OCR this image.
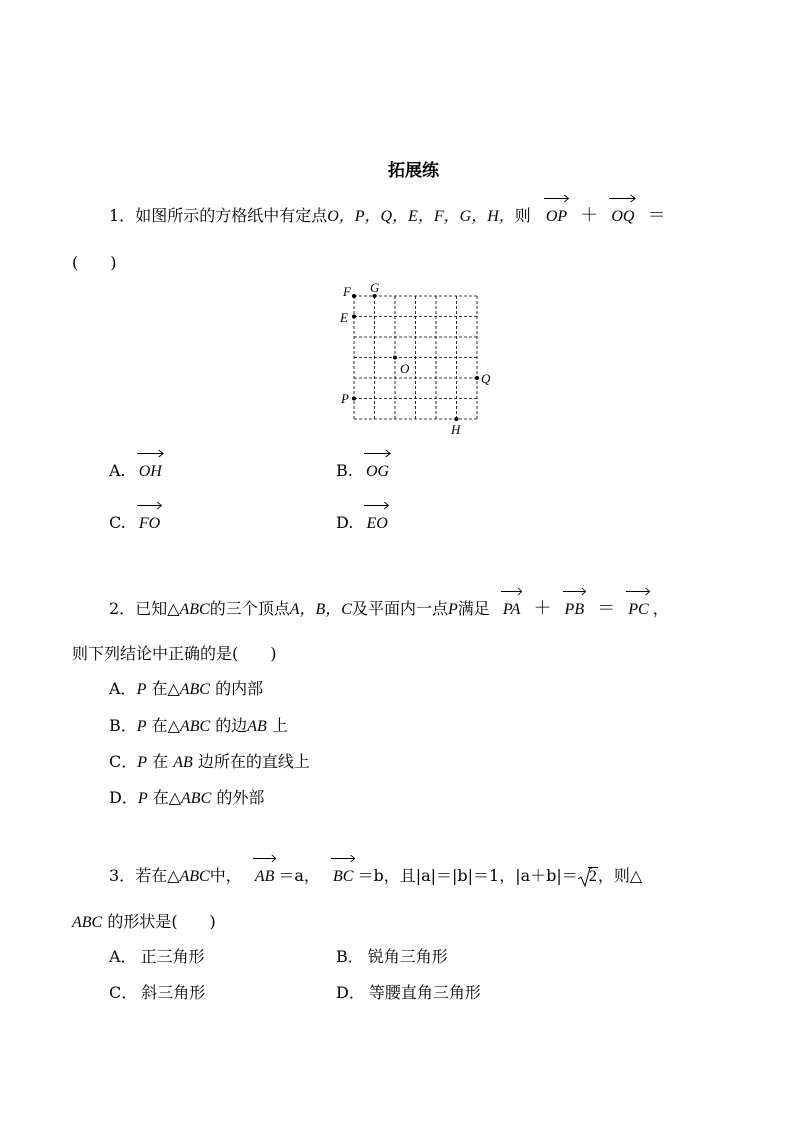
拓展练
1．如图所示的方格纸中有定点O，P，Q，E，F，G，H，则 OP ＋ OQ ＝
(　　)
F G
E
O
Q
P
H
A. OH	B. OG
C. FO	D. EO
2．已知△ABC的三个顶点A，B，C及平面内一点P满足 PA ＋ PB ＝ PC ，
则下列结论中正确的是(　　)
A．P 在△ABC 的内部
B．P 在△ABC 的边AB 上
C．P 在 AB 边所在的直线上
D．P 在△ABC 的外部
3．若在△ABC中， AB ＝a， BC ＝b，且|a|＝|b|＝1，|a＋b|＝ 2，则△
ABC 的形状是(　　)
A． 正三角形	B． 锐角三角形
C． 斜三角形	D． 等腰直角三角形
